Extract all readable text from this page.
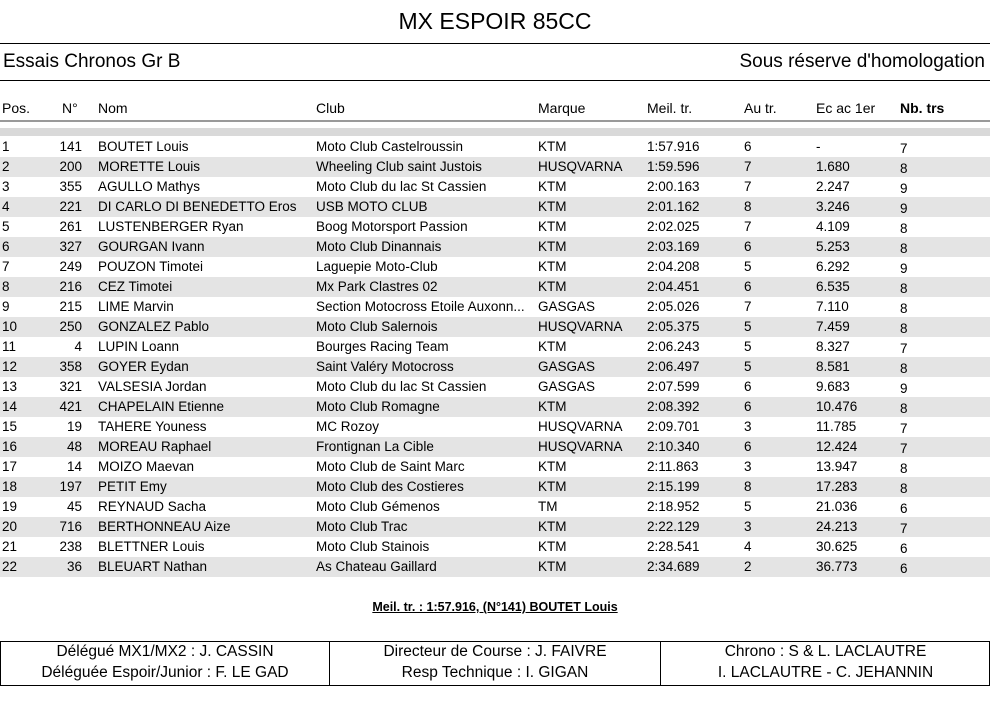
MX ESPOIR 85CC
Essais Chronos Gr B	Sous réserve d'homologation
Pos. N° Nom	Club	Marque	Meil. tr.	Au tr.	Ec ac 1er Nb. trs
1	141 BOUTET Louis	Moto Club Castelroussin	KTM	1:57.916	6	-	7
2	200 MORETTE Louis	Wheeling Club saint Justois	HUSQVARNA 1:59.596	7	1.680	8
3	355 AGULLO Mathys	Moto Club du lac St Cassien	KTM	2:00.163	7	2.247	9
4	221 DI CARLO DI BENEDETTO Eros	USB MOTO CLUB	KTM	2:01.162	8	3.246	9
5	261 LUSTENBERGER Ryan	Boog Motorsport Passion	KTM	2:02.025	7	4.109	8
6	327 GOURGAN Ivann	Moto Club Dinannais	KTM	2:03.169	6	5.253	8
7	249 POUZON Timotei	Laguepie Moto-Club	KTM	2:04.208	5	6.292	9
8	216 CEZ Timotei	Mx Park Clastres 02	KTM	2:04.451	6	6.535	8
9	215 LIME Marvin	Section Motocross Etoile Auxonn... GASGAS	2:05.026	7	7.110	8
10	250 GONZALEZ Pablo	Moto Club Salernois	HUSQVARNA 2:05.375	5	7.459	8
11	4 LUPIN Loann	Bourges Racing Team	KTM	2:06.243	5	8.327	7
12	358 GOYER Eydan	Saint Valéry Motocross	GASGAS	2:06.497	5	8.581	8
13	321 VALSESIA Jordan	Moto Club du lac St Cassien	GASGAS	2:07.599	6	9.683	9
14	421 CHAPELAIN Etienne	Moto Club Romagne	KTM	2:08.392	6	10.476	8
15	19 TAHERE Youness	MC Rozoy	HUSQVARNA 2:09.701	3	11.785	7
16	48 MOREAU Raphael	Frontignan La Cible	HUSQVARNA 2:10.340	6	12.424	7
17	14 MOIZO Maevan	Moto Club de Saint Marc	KTM	2:11.863	3	13.947	8
18	197 PETIT Emy	Moto Club des Costieres	KTM	2:15.199	8	17.283	8
19	45 REYNAUD Sacha	Moto Club Gémenos	TM	2:18.952	5	21.036	6
20	716 BERTHONNEAU Aize	Moto Club Trac	KTM	2:22.129	3	24.213	7
21	238 BLETTNER Louis	Moto Club Stainois	KTM	2:28.541	4	30.625	6
22	36 BLEUART Nathan	As Chateau Gaillard	KTM	2:34.689	2	36.773	6
Meil. tr. : 1:57.916, (N°141) BOUTET Louis
Délégué MX1/MX2 : J. CASSIN
Déléguée Espoir/Junior : F. LE GAD
Directeur de Course : J. FAIVRE
Resp Technique : I. GIGAN
Chrono : S & L. LACLAUTRE
I. LACLAUTRE - C. JEHANNIN
